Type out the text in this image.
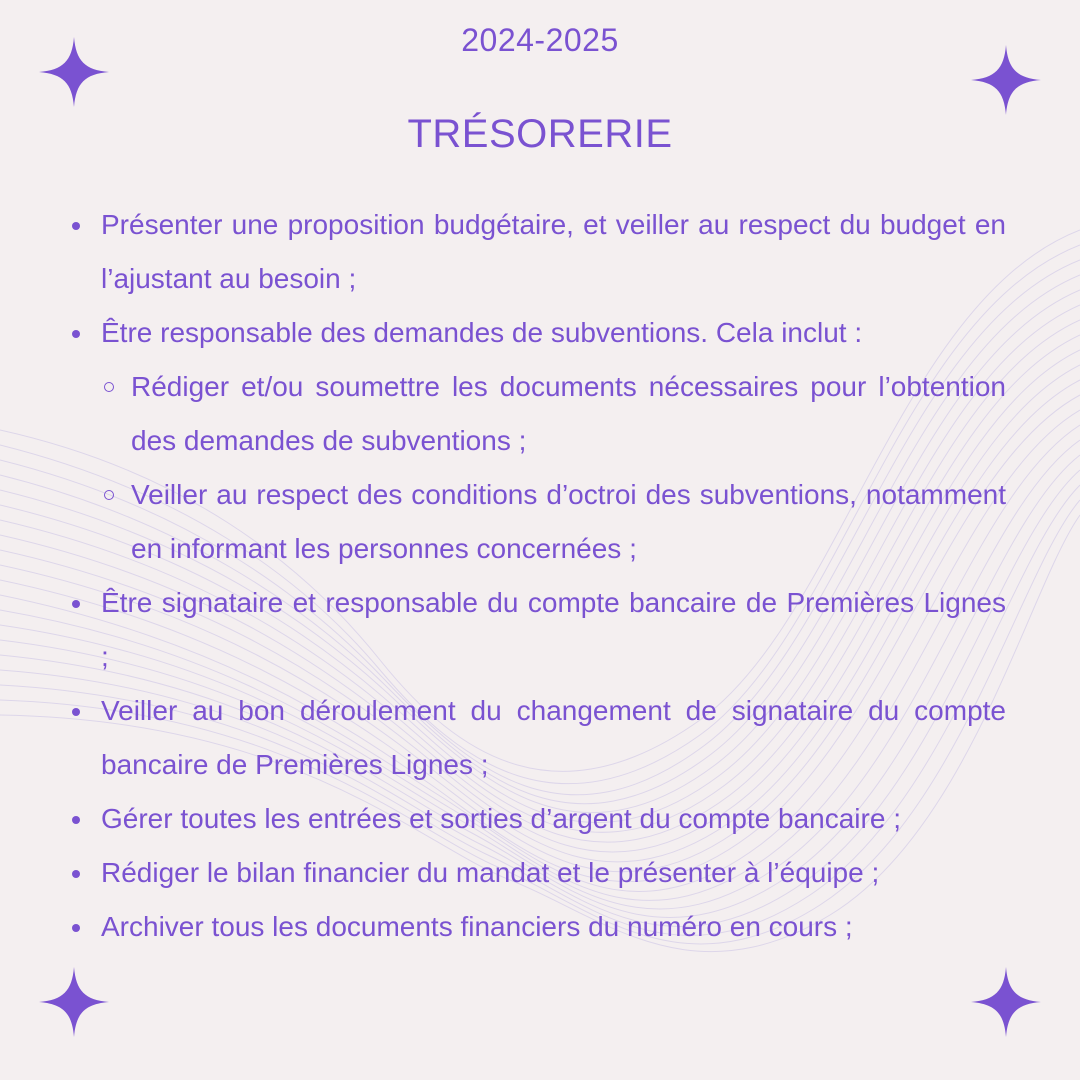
2024-2025
TRÉSORERIE
Présenter une proposition budgétaire, et veiller au respect du budget en l’ajustant au besoin ;
Être responsable des demandes de subventions. Cela inclut :
Rédiger et/ou soumettre les documents nécessaires pour l’obtention des demandes de subventions ;
Veiller au respect des conditions d’octroi des subventions, notamment en informant les personnes concernées ;
Être signataire et responsable du compte bancaire de Premières Lignes ;
Veiller au bon déroulement du changement de signataire du compte bancaire de Premières Lignes ;
Gérer toutes les entrées et sorties d’argent du compte bancaire ;
Rédiger le bilan financier du mandat et le présenter à l’équipe ;
Archiver tous les documents financiers du numéro en cours ;
